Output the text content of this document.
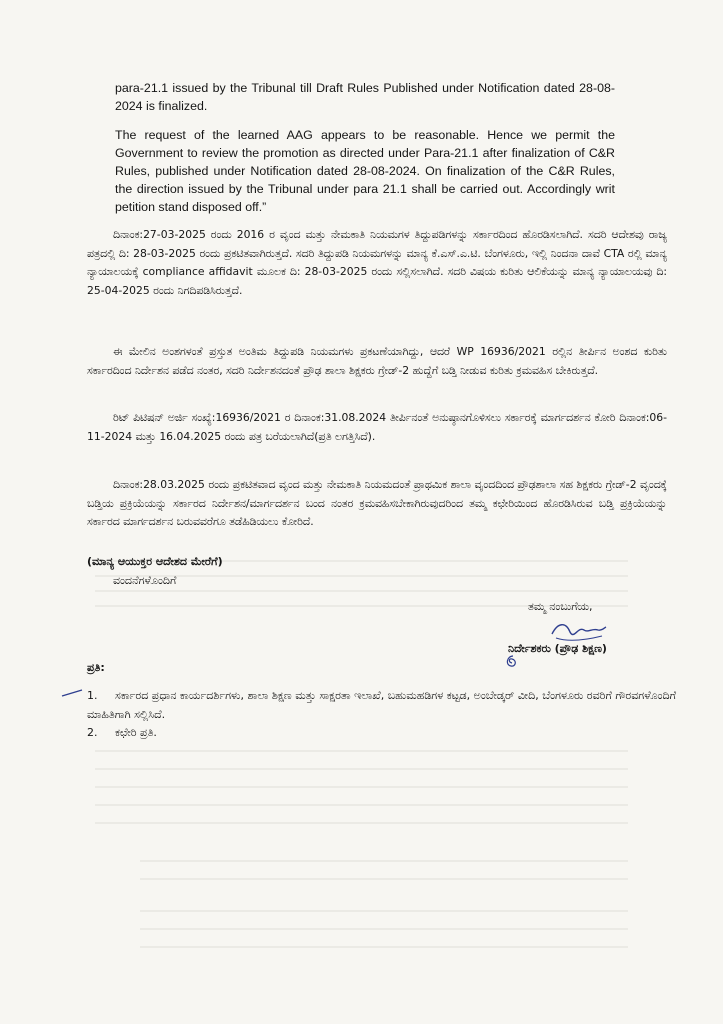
para-21.1 issued by the Tribunal till Draft Rules Published under Notification dated 28-08-2024 is finalized.

The request of the learned AAG appears to be reasonable. Hence we permit the Government to review the promotion as directed under Para-21.1 after finalization of C&R Rules, published under Notification dated 28-08-2024. On finalization of the C&R Rules, the direction issued by the Tribunal under para 21.1 shall be carried out. Accordingly writ petition stand disposed off.”

ದಿನಾಂಕ:27-03-2025 ರಂದು 2016 ರ ವೃಂದ ಮತ್ತು ನೇಮಕಾತಿ ನಿಯಮಗಳ ತಿದ್ದುಪಡಿಗಳನ್ನು ಸರ್ಕಾರದಿಂದ ಹೊರಡಿಸಲಾಗಿದೆ. ಸದರಿ ಆದೇಶವು ರಾಜ್ಯ ಪತ್ರದಲ್ಲಿ ದಿ: 28-03-2025 ರಂದು ಪ್ರಕಟಿತವಾಗಿರುತ್ತದೆ. ಸದರಿ ತಿದ್ದುಪಡಿ ನಿಯಮಗಳನ್ನು ಮಾನ್ಯ ಕೆ.ಎಸ್.ಎ.ಟಿ. ಬೆಂಗಳೂರು, ಇಲ್ಲಿ ನಿಂದನಾ ದಾವೆ CTA ರಲ್ಲಿ ಮಾನ್ಯ ನ್ಯಾಯಾಲಯಕ್ಕೆ compliance affidavit ಮೂಲಕ ದಿ: 28-03-2025 ರಂದು ಸಲ್ಲಿಸಲಾಗಿದೆ. ಸದರಿ ವಿಷಯ ಕುರಿತು ಆಲಿಕೆಯನ್ನು ಮಾನ್ಯ ನ್ಯಾಯಾಲಯವು ದಿ: 25-04-2025 ರಂದು ನಿಗದಿಪಡಿಸಿರುತ್ತದೆ.

ಈ ಮೇಲಿನ ಅಂಶಗಳಂತೆ ಪ್ರಸ್ತುತ ಅಂತಿಮ ತಿದ್ದುಪಡಿ ನಿಯಮಗಳು ಪ್ರಕಟಣೆಯಾಗಿದ್ದು, ಆದರೆ WP 16936/2021 ರಲ್ಲಿನ ತೀರ್ಪಿನ ಅಂಶದ ಕುರಿತು ಸರ್ಕಾರದಿಂದ ನಿರ್ದೇಶನ ಪಡೆದ ನಂತರ, ಸದರಿ ನಿರ್ದೇಶನದಂತೆ ಪ್ರೌಢ ಶಾಲಾ ಶಿಕ್ಷಕರು ಗ್ರೇಡ್-2 ಹುದ್ದೆಗೆ ಬಡ್ತಿ ನೀಡುವ ಕುರಿತು ಕ್ರಮವಹಿಸ ಬೇಕಿರುತ್ತದೆ.

ರಿಟ್ ಪಿಟಿಷನ್ ಅರ್ಜಿ ಸಂಖ್ಯೆ:16936/2021 ರ ದಿನಾಂಕ:31.08.2024 ತೀರ್ಪಿನಂತೆ ಅನುಷ್ಠಾನಗೊಳಿಸಲು ಸರ್ಕಾರಕ್ಕೆ ಮಾರ್ಗದರ್ಶನ ಕೋರಿ ದಿನಾಂಕ:06-11-2024 ಮತ್ತು 16.04.2025 ರಂದು ಪತ್ರ ಬರೆಯಲಾಗಿದೆ(ಪ್ರತಿ ಲಗತ್ತಿಸಿದೆ).

ದಿನಾಂಕ:28.03.2025 ರಂದು ಪ್ರಕಟಿತವಾದ ವೃಂದ ಮತ್ತು ನೇಮಕಾತಿ ನಿಯಮದಂತೆ ಪ್ರಾಥಮಿಕ ಶಾಲಾ ವೃಂದದಿಂದ ಪ್ರೌಢಶಾಲಾ ಸಹ ಶಿಕ್ಷಕರು ಗ್ರೇಡ್-2 ವೃಂದಕ್ಕೆ ಬಡ್ತಿಯ ಪ್ರಕ್ರಿಯೆಯನ್ನು ಸರ್ಕಾರದ ನಿರ್ದೇಶನ/ಮಾರ್ಗದರ್ಶನ ಬಂದ ನಂತರ ಕ್ರಮವಹಿಸಬೇಕಾಗಿರುವುದರಿಂದ ತಮ್ಮ ಕಛೇರಿಯಿಂದ ಹೊರಡಿಸಿರುವ ಬಡ್ತಿ ಪ್ರಕ್ರಿಯೆಯನ್ನು ಸರ್ಕಾರದ ಮಾರ್ಗದರ್ಶನ ಬರುವವರೆಗೂ ತಡೆಹಿಡಿಯಲು ಕೋರಿದೆ.

(ಮಾನ್ಯ ಆಯುಕ್ತರ ಆದೇಶದ ಮೇರೆಗೆ)
ವಂದನೆಗಳೊಂದಿಗೆ
ತಮ್ಮ ನಂಬುಗೆಯ,
ನಿರ್ದೇಶಕರು (ಪ್ರೌಢ ಶಿಕ್ಷಣ)
ಪ್ರತಿ:
1. ಸರ್ಕಾರದ ಪ್ರಧಾನ ಕಾರ್ಯದರ್ಶಿಗಳು, ಶಾಲಾ ಶಿಕ್ಷಣ ಮತ್ತು ಸಾಕ್ಷರತಾ ಇಲಾಖೆ, ಬಹುಮಹಡಿಗಳ ಕಟ್ಟಡ, ಅಂಬೇಡ್ಕರ್ ವೀದಿ, ಬೆಂಗಳೂರು ರವರಿಗೆ ಗೌರವಗಳೊಂದಿಗೆ ಮಾಹಿತಿಗಾಗಿ ಸಲ್ಲಿಸಿದೆ.
2. ಕಛೇರಿ ಪ್ರತಿ.
